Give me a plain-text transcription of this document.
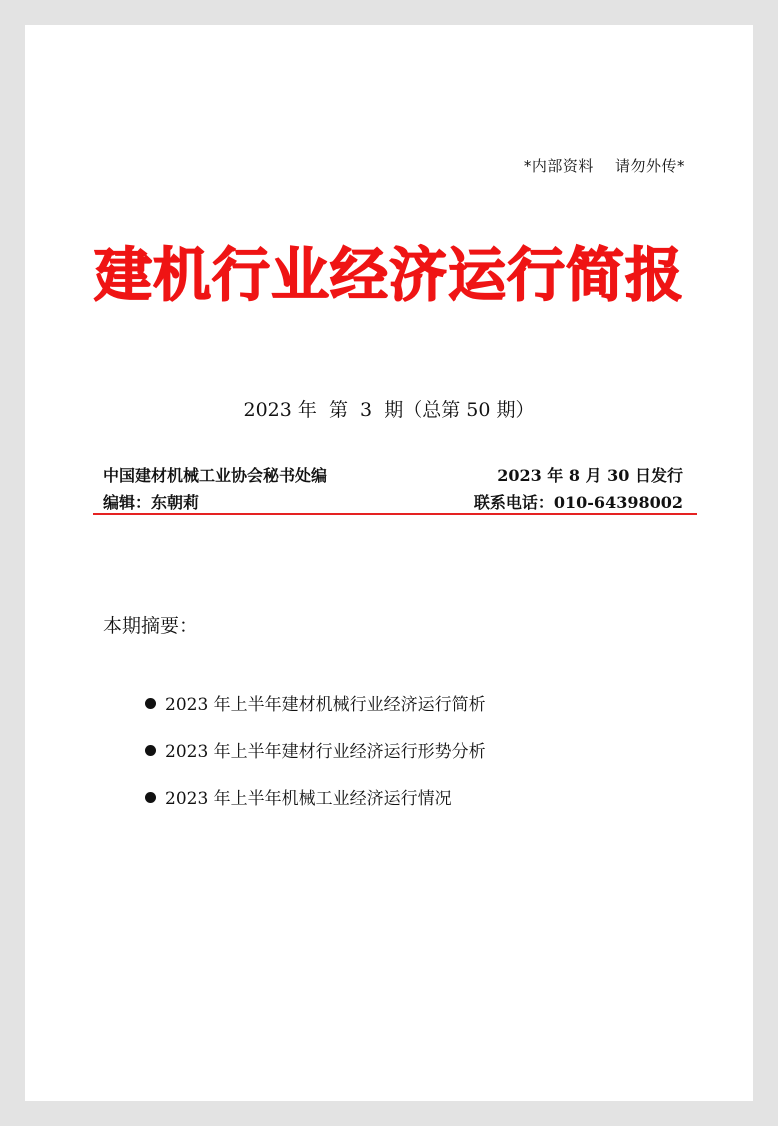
*内部资料    请勿外传*
建机行业经济运行简报
2023 年  第  3  期（总第 50 期）
中国建材机械工业协会秘书处编	2023 年 8 月 30 日发行
编辑：东朝莉	联系电话：010-64398002
本期摘要：
2023 年上半年建材机械行业经济运行简析
2023 年上半年建材行业经济运行形势分析
2023 年上半年机械工业经济运行情况
